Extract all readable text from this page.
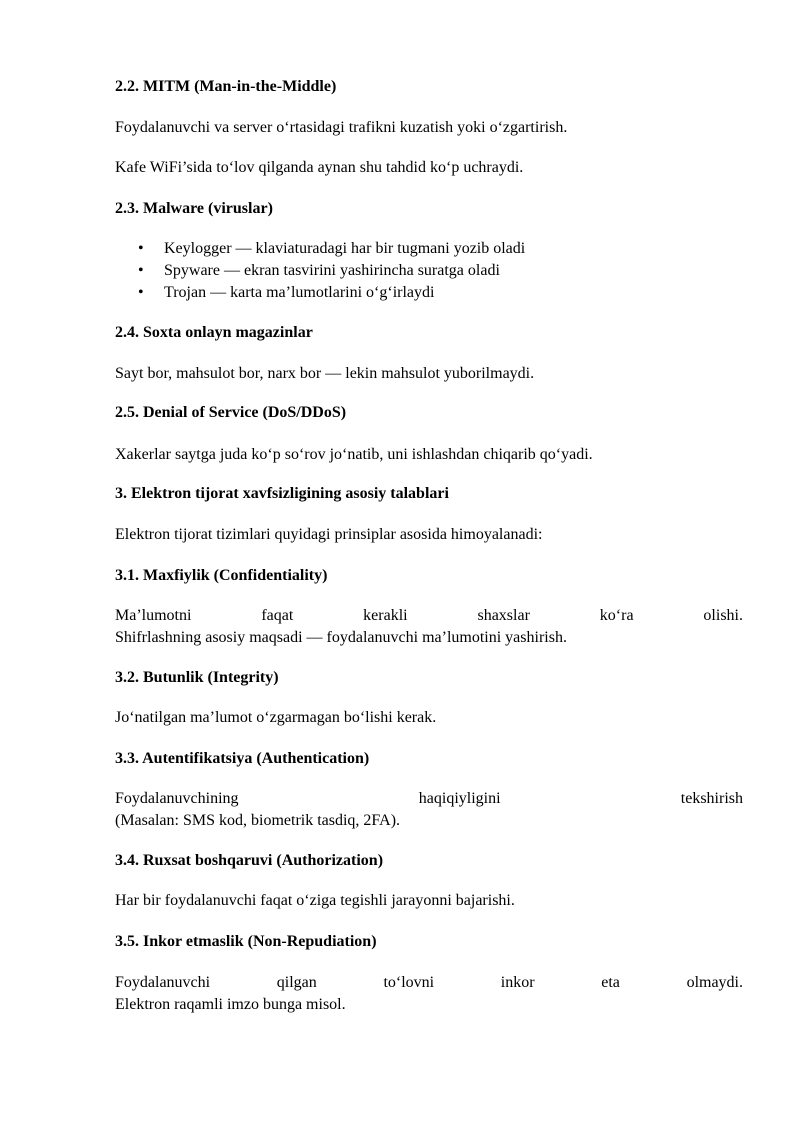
2.2. MITM (Man-in-the-Middle)
Foydalanuvchi va server o‘rtasidagi trafikni kuzatish yoki o‘zgartirish.
Kafe WiFi’sida to‘lov qilganda aynan shu tahdid ko‘p uchraydi.
2.3. Malware (viruslar)
• Keylogger — klaviaturadagi har bir tugmani yozib oladi
• Spyware — ekran tasvirini yashirincha suratga oladi
• Trojan — karta ma’lumotlarini o‘g‘irlaydi
2.4. Soxta onlayn magazinlar
Sayt bor, mahsulot bor, narx bor — lekin mahsulot yuborilmaydi.
2.5. Denial of Service (DoS/DDoS)
Xakerlar saytga juda ko‘p so‘rov jo‘natib, uni ishlashdan chiqarib qo‘yadi.
3. Elektron tijorat xavfsizligining asosiy talablari
Elektron tijorat tizimlari quyidagi prinsiplar asosida himoyalanadi:
3.1. Maxfiylik (Confidentiality)
Ma’lumotni	faqat	kerakli	shaxslar	ko‘ra	olishi.
Shifrlashning asosiy maqsadi — foydalanuvchi ma’lumotini yashirish.
3.2. Butunlik (Integrity)
Jo‘natilgan ma’lumot o‘zgarmagan bo‘lishi kerak.
3.3. Autentifikatsiya (Authentication)
Foydalanuvchining	haqiqiyligini	tekshirish
(Masalan: SMS kod, biometrik tasdiq, 2FA).
3.4. Ruxsat boshqaruvi (Authorization)
Har bir foydalanuvchi faqat o‘ziga tegishli jarayonni bajarishi.
3.5. Inkor etmaslik (Non-Repudiation)
Foydalanuvchi	qilgan	to‘lovni	inkor	eta	olmaydi.
Elektron raqamli imzo bunga misol.
